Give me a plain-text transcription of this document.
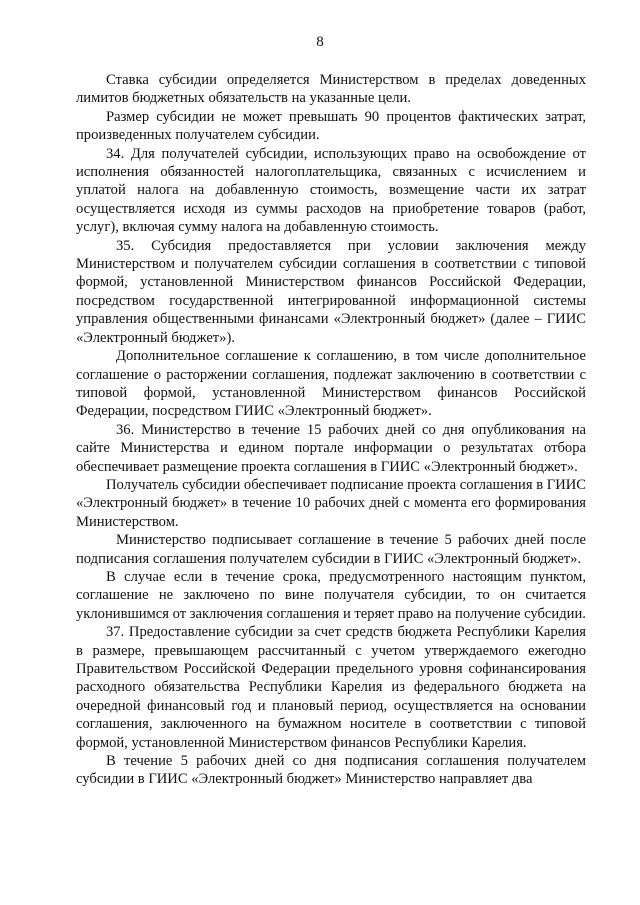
8

Ставка субсидии определяется Министерством в пределах доведенных лимитов бюджетных обязательств на указанные цели.

Размер субсидии не может превышать 90 процентов фактических затрат, произведенных получателем субсидии.

34. Для получателей субсидии, использующих право на освобождение от исполнения обязанностей налогоплательщика, связанных с исчислением и уплатой налога на добавленную стоимость, возмещение части их затрат осуществляется исходя из суммы расходов на приобретение товаров (работ, услуг), включая сумму налога на добавленную стоимость.

35. Субсидия предоставляется при условии заключения между Министерством и получателем субсидии соглашения в соответствии с типовой формой, установленной Министерством финансов Российской Федерации, посредством государственной интегрированной информационной системы управления общественными финансами «Электронный бюджет» (далее – ГИИС «Электронный бюджет»).

Дополнительное соглашение к соглашению, в том числе дополнительное соглашение о расторжении соглашения, подлежат заключению в соответствии с типовой формой, установленной Министерством финансов Российской Федерации, посредством ГИИС «Электронный бюджет».

36. Министерство в течение 15 рабочих дней со дня опубликования на сайте Министерства и едином портале информации о результатах отбора обеспечивает размещение проекта соглашения в ГИИС «Электронный бюджет».

Получатель субсидии обеспечивает подписание проекта соглашения в ГИИС «Электронный бюджет» в течение 10 рабочих дней с момента его формирования Министерством.

Министерство подписывает соглашение в течение 5 рабочих дней после подписания соглашения получателем субсидии в ГИИС «Электронный бюджет».

В случае если в течение срока, предусмотренного настоящим пунктом, соглашение не заключено по вине получателя субсидии, то он считается уклонившимся от заключения соглашения и теряет право на получение субсидии.

37. Предоставление субсидии за счет средств бюджета Республики Карелия в размере, превышающем рассчитанный с учетом утверждаемого ежегодно Правительством Российской Федерации предельного уровня софинансирования расходного обязательства Республики Карелия из федерального бюджета на очередной финансовый год и плановый период, осуществляется на основании соглашения, заключенного на бумажном носителе в соответствии с типовой формой, установленной Министерством финансов Республики Карелия.

В течение 5 рабочих дней со дня подписания соглашения получателем субсидии в ГИИС «Электронный бюджет» Министерство направляет два
